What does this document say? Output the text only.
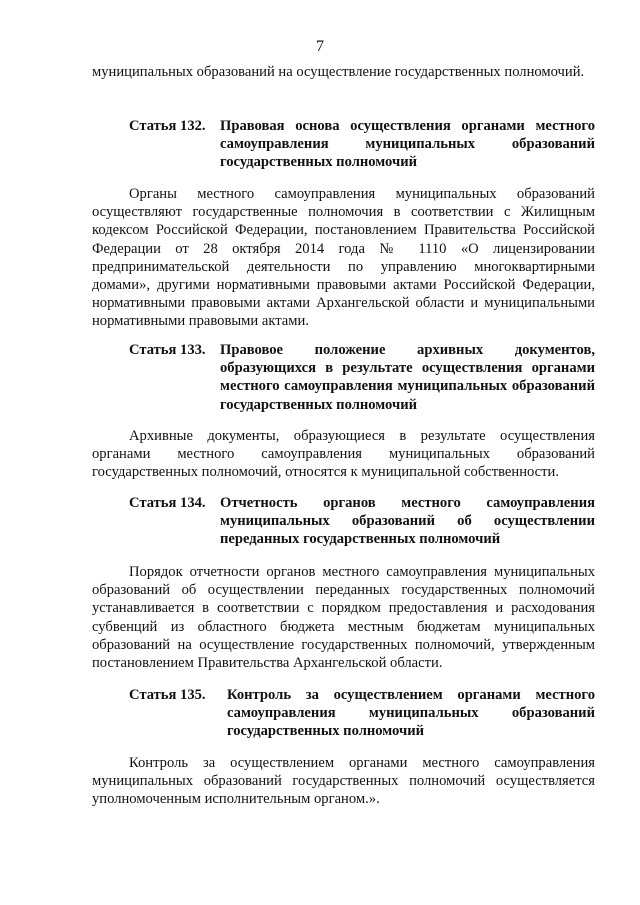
7

муниципальных образований на осуществление государственных полномочий.

Статья 132. Правовая основа осуществления органами местного самоуправления муниципальных образований государственных полномочий

Органы местного самоуправления муниципальных образований осуществляют государственные полномочия в соответствии с Жилищным кодексом Российской Федерации, постановлением Правительства Российской Федерации от 28 октября 2014 года № 1110 «О лицензировании предпринимательской деятельности по управлению многоквартирными домами», другими нормативными правовыми актами Российской Федерации, нормативными правовыми актами Архангельской области и муниципальными нормативными правовыми актами.

Статья 133. Правовое положение архивных документов, образующихся в результате осуществления органами местного самоуправления муниципальных образований государственных полномочий

Архивные документы, образующиеся в результате осуществления органами местного самоуправления муниципальных образований государственных полномочий, относятся к муниципальной собственности.

Статья 134. Отчетность органов местного самоуправления муниципальных образований об осуществлении переданных государственных полномочий

Порядок отчетности органов местного самоуправления муниципальных образований об осуществлении переданных государственных полномочий устанавливается в соответствии с порядком предоставления и расходования субвенций из областного бюджета местным бюджетам муниципальных образований на осуществление государственных полномочий, утвержденным постановлением Правительства Архангельской области.

Статья 135. Контроль за осуществлением органами местного самоуправления муниципальных образований государственных полномочий

Контроль за осуществлением органами местного самоуправления муниципальных образований государственных полномочий осуществляется уполномоченным исполнительным органом.».
